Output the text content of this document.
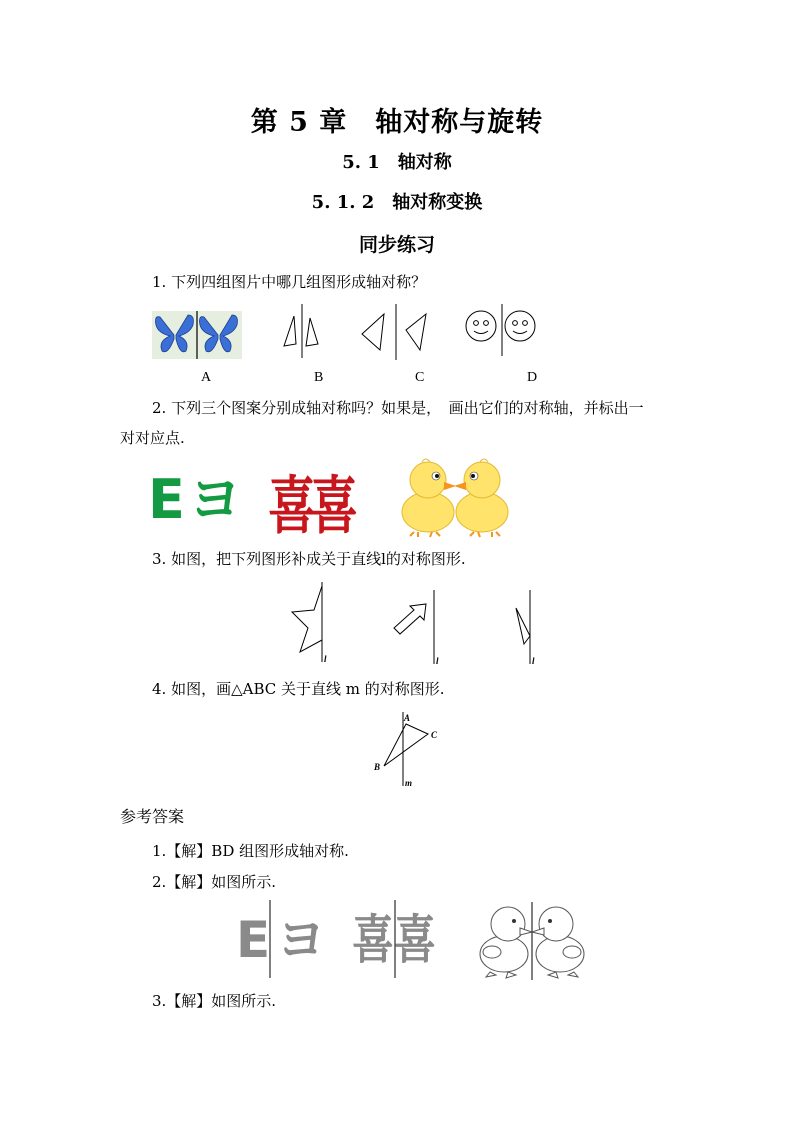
第 5 章　轴对称与旋转
5. 1　轴对称
5. 1. 2　轴对称变换
同步练习
1. 下列四组图片中哪几组图形成轴对称？
A	B	C	D
2. 下列三个图案分别成轴对称吗？如果是，　画出它们的对称轴，并标出一
对对应点.
E ヨ 喜
喜
3. 如图，把下列图形补成关于直线l的对称图形.
l	l	l
4. 如图，画△ABC 关于直线 m 的对称图形.
A
B
C
m
参考答案
1.【解】BD 组图形成轴对称.
2.【解】如图所示.
E ヨ 喜 喜
3.【解】如图所示.
